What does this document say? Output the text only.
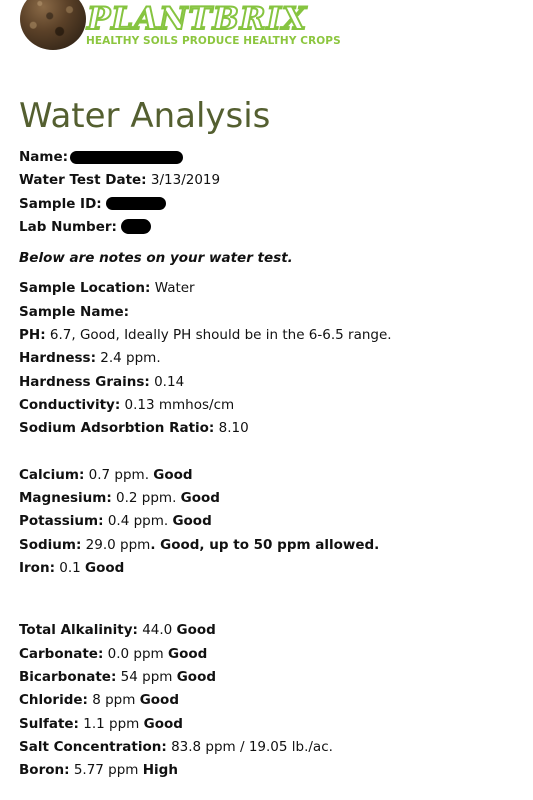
PLANTBRIX
HEALTHY SOILS PRODUCE HEALTHY CROPS
Water Analysis
Name:
Water Test Date: 3/13/2019
Sample ID:
Lab Number:
Below are notes on your water test.
Sample Location: Water
Sample Name:
PH: 6.7, Good, Ideally PH should be in the 6-6.5 range.
Hardness: 2.4 ppm.
Hardness Grains: 0.14
Conductivity: 0.13 mmhos/cm
Sodium Adsorbtion Ratio: 8.10
Calcium: 0.7 ppm. Good
Magnesium: 0.2 ppm. Good
Potassium: 0.4 ppm. Good
Sodium: 29.0 ppm. Good, up to 50 ppm allowed.
Iron: 0.1 Good
Total Alkalinity: 44.0 Good
Carbonate: 0.0 ppm Good
Bicarbonate: 54 ppm Good
Chloride: 8 ppm Good
Sulfate: 1.1 ppm Good
Salt Concentration: 83.8 ppm / 19.05 lb./ac.
Boron: 5.77 ppm High
